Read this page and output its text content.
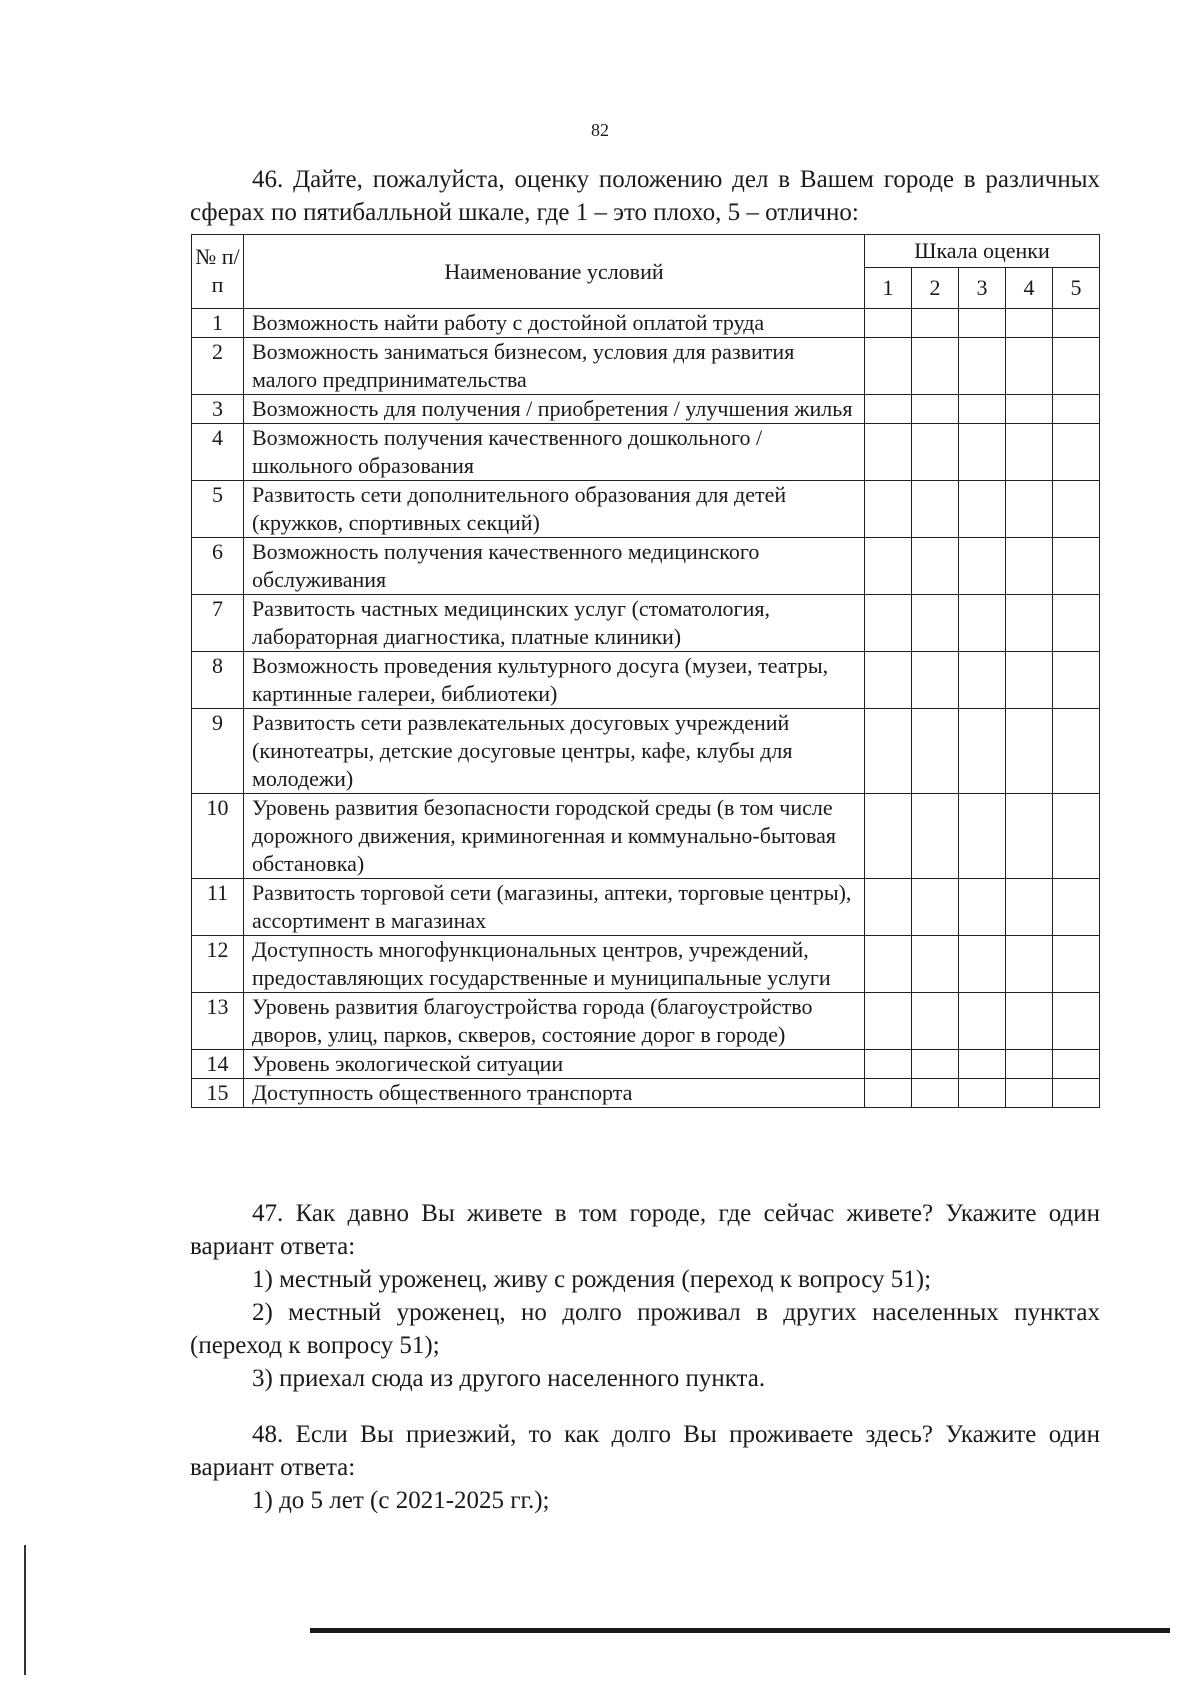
82

46. Дайте, пожалуйста, оценку положению дел в Вашем городе в различных сферах по пятибалльной шкале, где 1 – это плохо, 5 – отлично:

№ п/п	Наименование условий	Шкала оценки				
		1	2	3	4	5
1	Возможность найти работу с достойной оплатой труда					
2	Возможность заниматься бизнесом, условия для развития малого предпринимательства					
3	Возможность для получения / приобретения / улучшения жилья					
4	Возможность получения качественного дошкольного / школьного образования					
5	Развитость сети дополнительного образования для детей (кружков, спортивных секций)					
6	Возможность получения качественного медицинского обслуживания					
7	Развитость частных медицинских услуг (стоматология, лабораторная диагностика, платные клиники)					
8	Возможность проведения культурного досуга (музеи, театры, картинные галереи, библиотеки)					
9	Развитость сети развлекательных досуговых учреждений (кинотеатры, детские досуговые центры, кафе, клубы для молодежи)					
10	Уровень развития безопасности городской среды (в том числе дорожного движения, криминогенная и коммунально-бытовая обстановка)					
11	Развитость торговой сети (магазины, аптеки, торговые центры), ассортимент в магазинах					
12	Доступность многофункциональных центров, учреждений, предоставляющих государственные и муниципальные услуги					
13	Уровень развития благоустройства города (благоустройство дворов, улиц, парков, скверов, состояние дорог в городе)					
14	Уровень экологической ситуации					
15	Доступность общественного транспорта					

47. Как давно Вы живете в том городе, где сейчас живете? Укажите один вариант ответа:

1) местный уроженец, живу с рождения (переход к вопросу 51);

2) местный уроженец, но долго проживал в других населенных пунктах (переход к вопросу 51);

3) приехал сюда из другого населенного пункта.

48. Если Вы приезжий, то как долго Вы проживаете здесь? Укажите один вариант ответа:

1) до 5 лет (с 2021-2025 гг.);
